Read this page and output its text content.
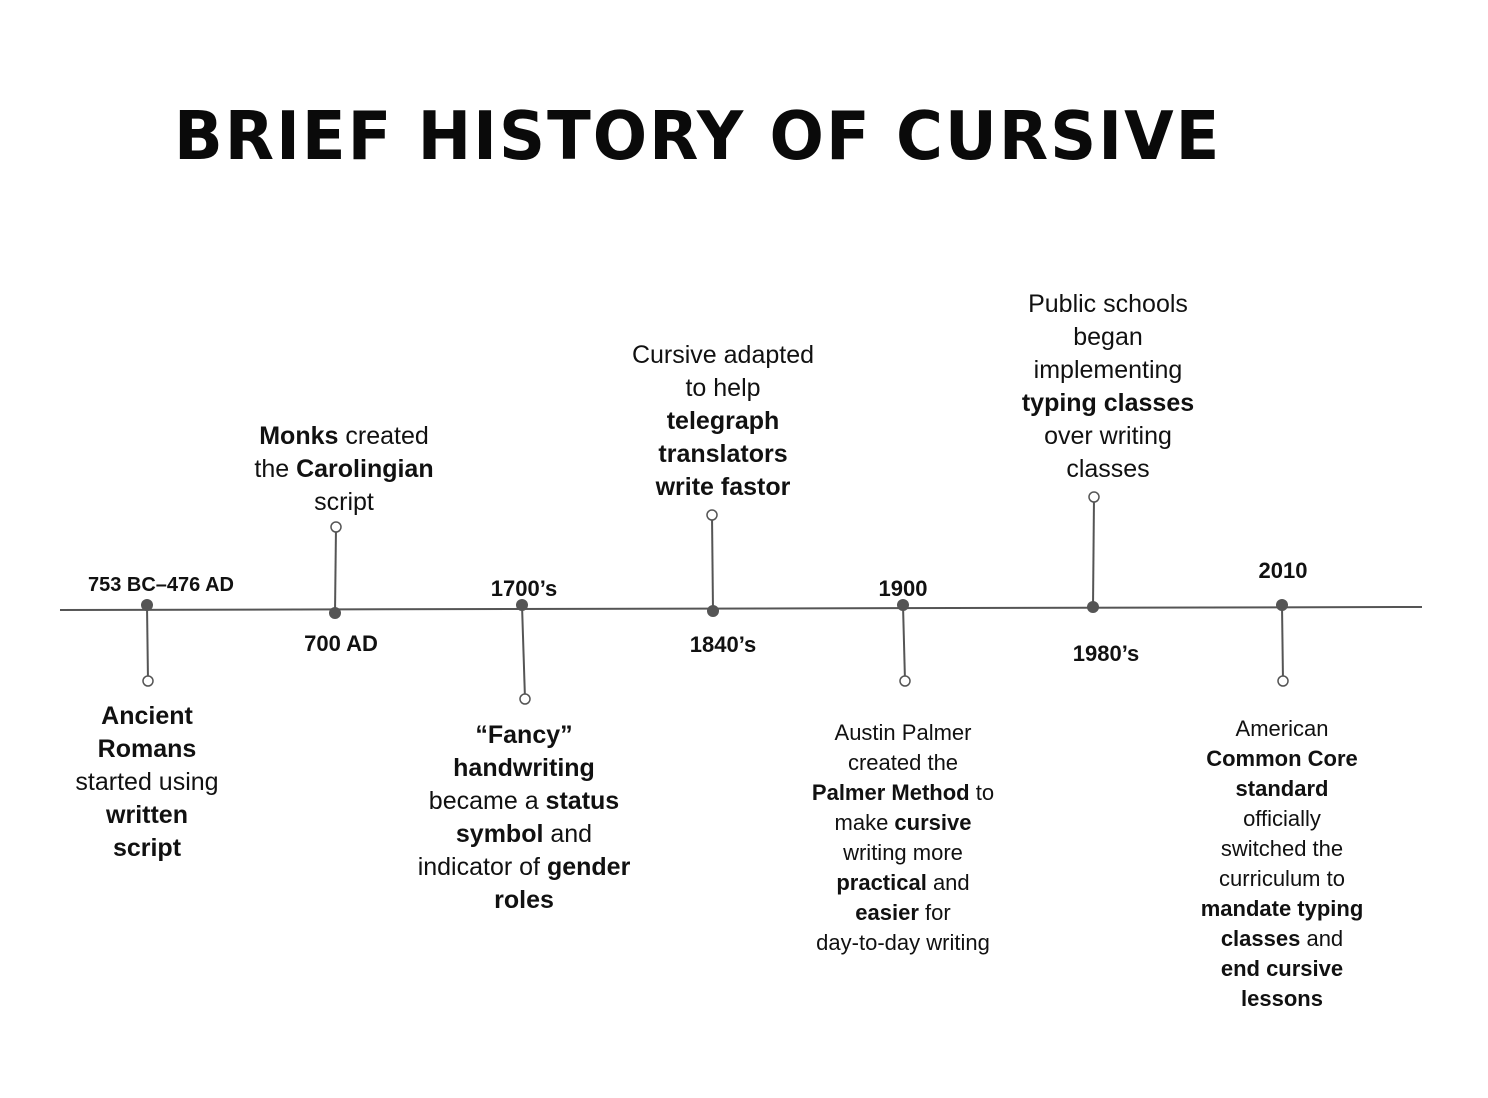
BRIEF HISTORY OF CURSIVE
753 BC–476 AD
700 AD
1700’s
1840’s
1900
1980’s
2010
Ancient
Romans
started using
written
script
Monks created
the Carolingian
script
“Fancy”
handwriting
became a status
symbol and
indicator of gender
roles
Cursive adapted
to help
telegraph
translators
write fastor
Austin Palmer
created the
Palmer Method to
make cursive
writing more
practical and
easier for
day-to-day writing
Public schools
began
implementing
typing classes
over writing
classes
American
Common Core
standard
officially
switched the
curriculum to
mandate typing
classes and
end cursive
lessons
